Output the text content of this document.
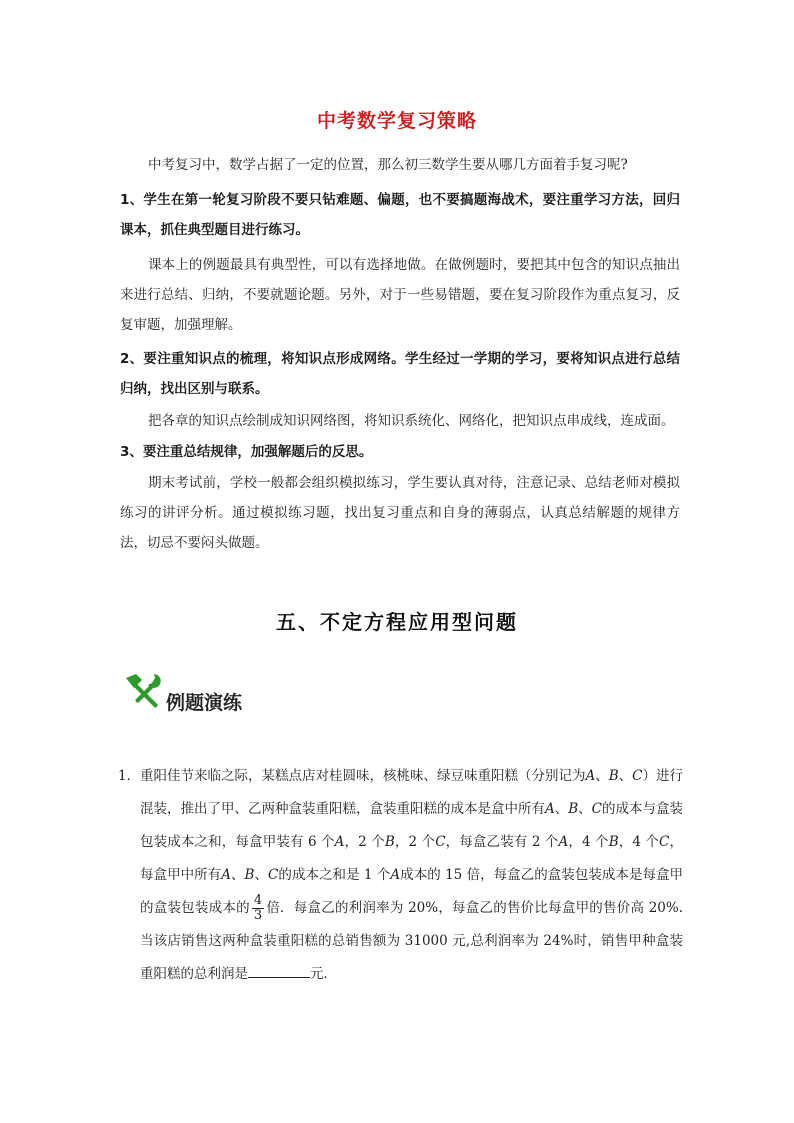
中考数学复习策略
中考复习中，数学占据了一定的位置，那么初三数学生要从哪几方面着手复习呢?
1、学生在第一轮复习阶段不要只钻难题、偏题，也不要搞题海战术，要注重学习方法，回归课本，抓住典型题目进行练习。
课本上的例题最具有典型性，可以有选择地做。在做例题时，要把其中包含的知识点抽出来进行总结、归纳，不要就题论题。另外，对于一些易错题，要在复习阶段作为重点复习，反复审题，加强理解。
2、要注重知识点的梳理，将知识点形成网络。学生经过一学期的学习，要将知识点进行总结归纳，找出区别与联系。
把各章的知识点绘制成知识网络图，将知识系统化、网络化，把知识点串成线，连成面。
3、要注重总结规律，加强解题后的反思。
期末考试前，学校一般都会组织模拟练习，学生要认真对待，注意记录、总结老师对模拟练习的讲评分析。通过模拟练习题，找出复习重点和自身的薄弱点，认真总结解题的规律方法，切忌不要闷头做题。
五、不定方程应用型问题
例题演练
1． 重阳佳节来临之际，某糕点店对桂圆味，核桃味、绿豆味重阳糕（分别记为A、B、C）进行混装，推出了甲、乙两种盒装重阳糕，盒装重阳糕的成本是盒中所有A、B、C的成本与盒装包装成本之和，每盒甲装有 6 个A，2 个B，2 个C，每盒乙装有 2 个A，4 个B，4 个C，每盒甲中所有A、B、C的成本之和是 1 个A成本的 15 倍，每盒乙的盒装包装成本是每盒甲的盒装包装成本的 $\frac{4}{3}$ 倍．每盒乙的利润率为 20%，每盒乙的售价比每盒甲的售价高 20%.当该店销售这两种盒装重阳糕的总销售额为 31000 元,总利润率为 24%时，销售甲种盒装重阳糕的总利润是	元．
